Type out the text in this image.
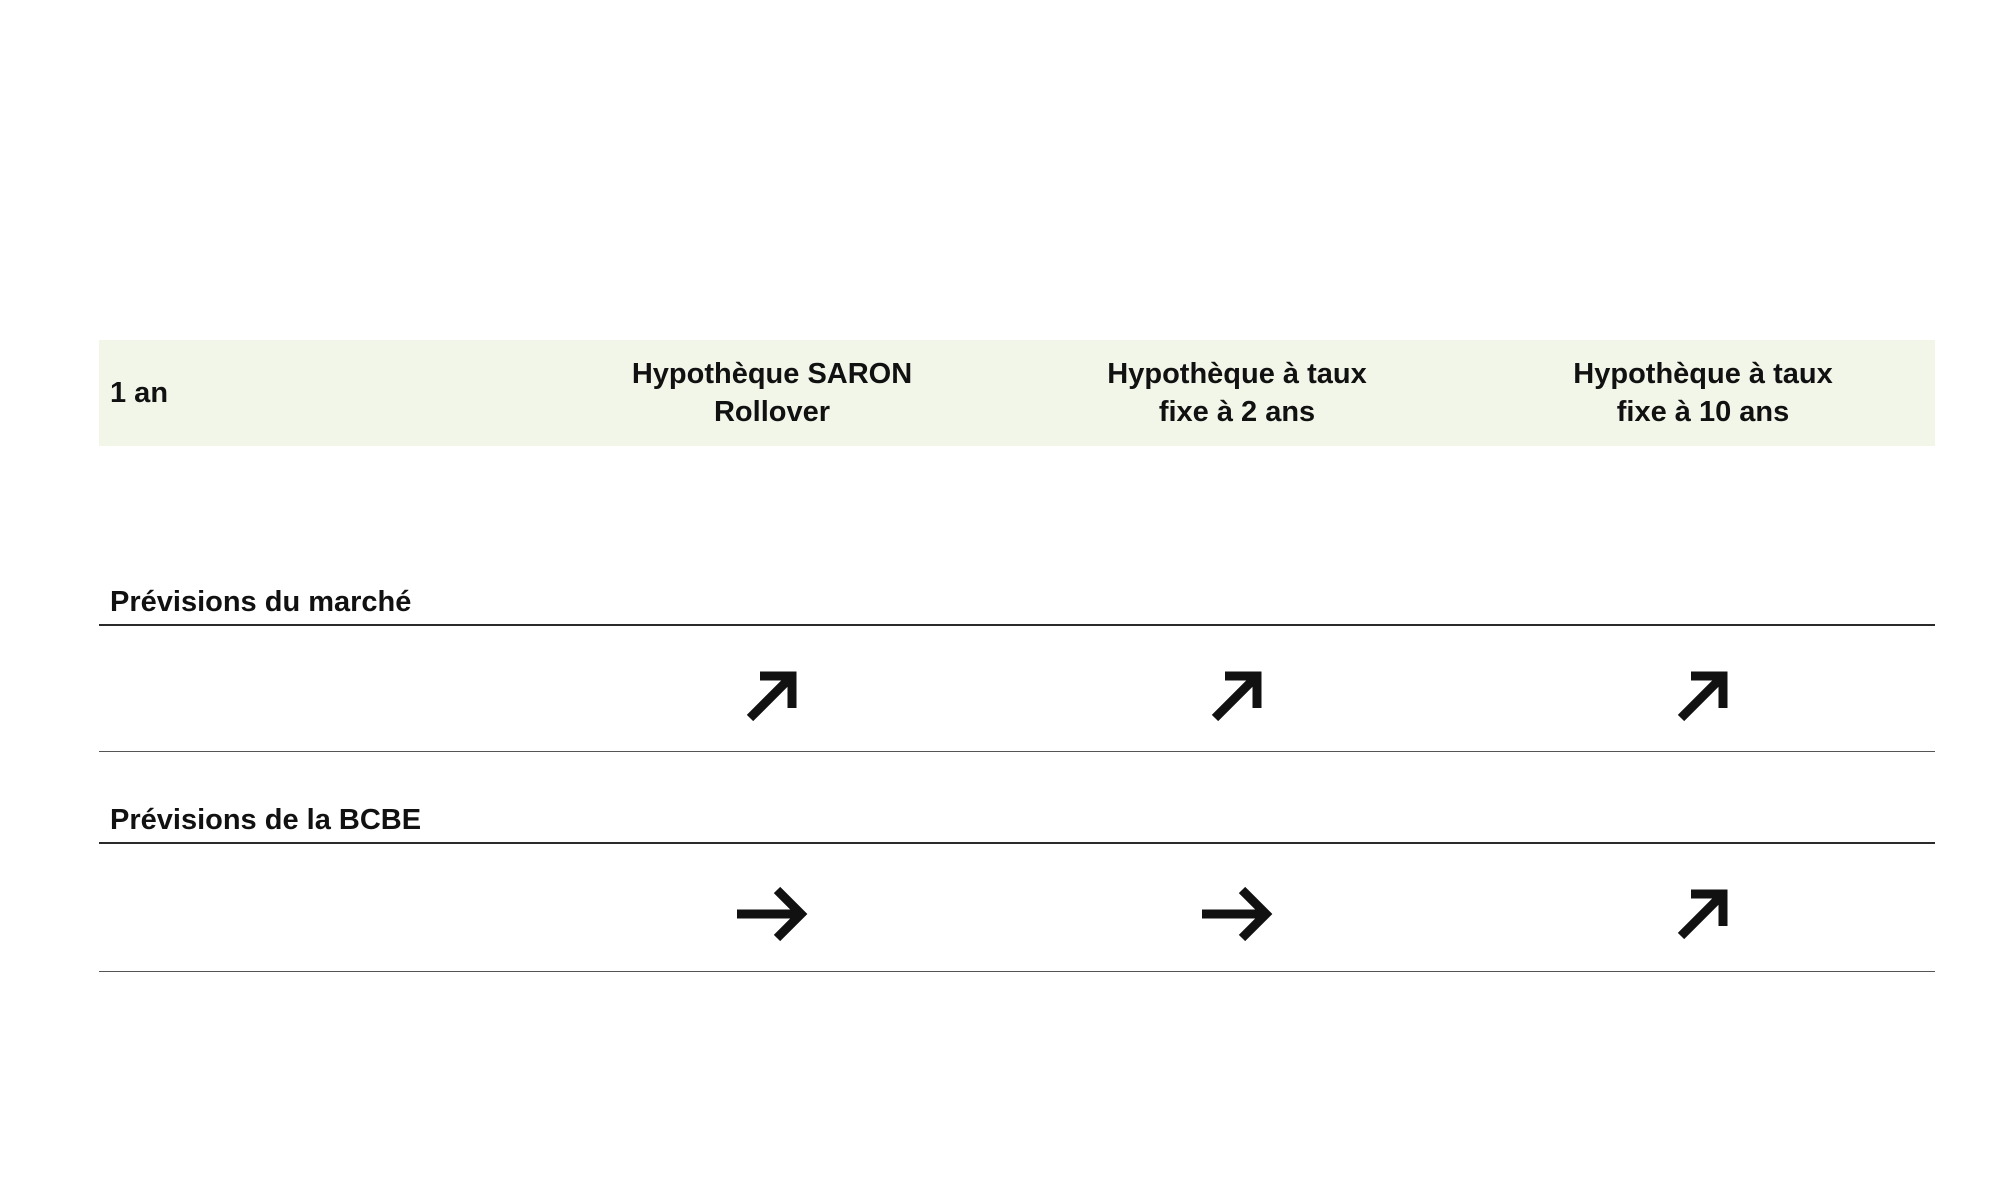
1 an
Hypothèque SARON
Rollover
Hypothèque à taux
fixe à 2 ans
Hypothèque à taux
fixe à 10 ans
Prévisions du marché
Prévisions de la BCBE
